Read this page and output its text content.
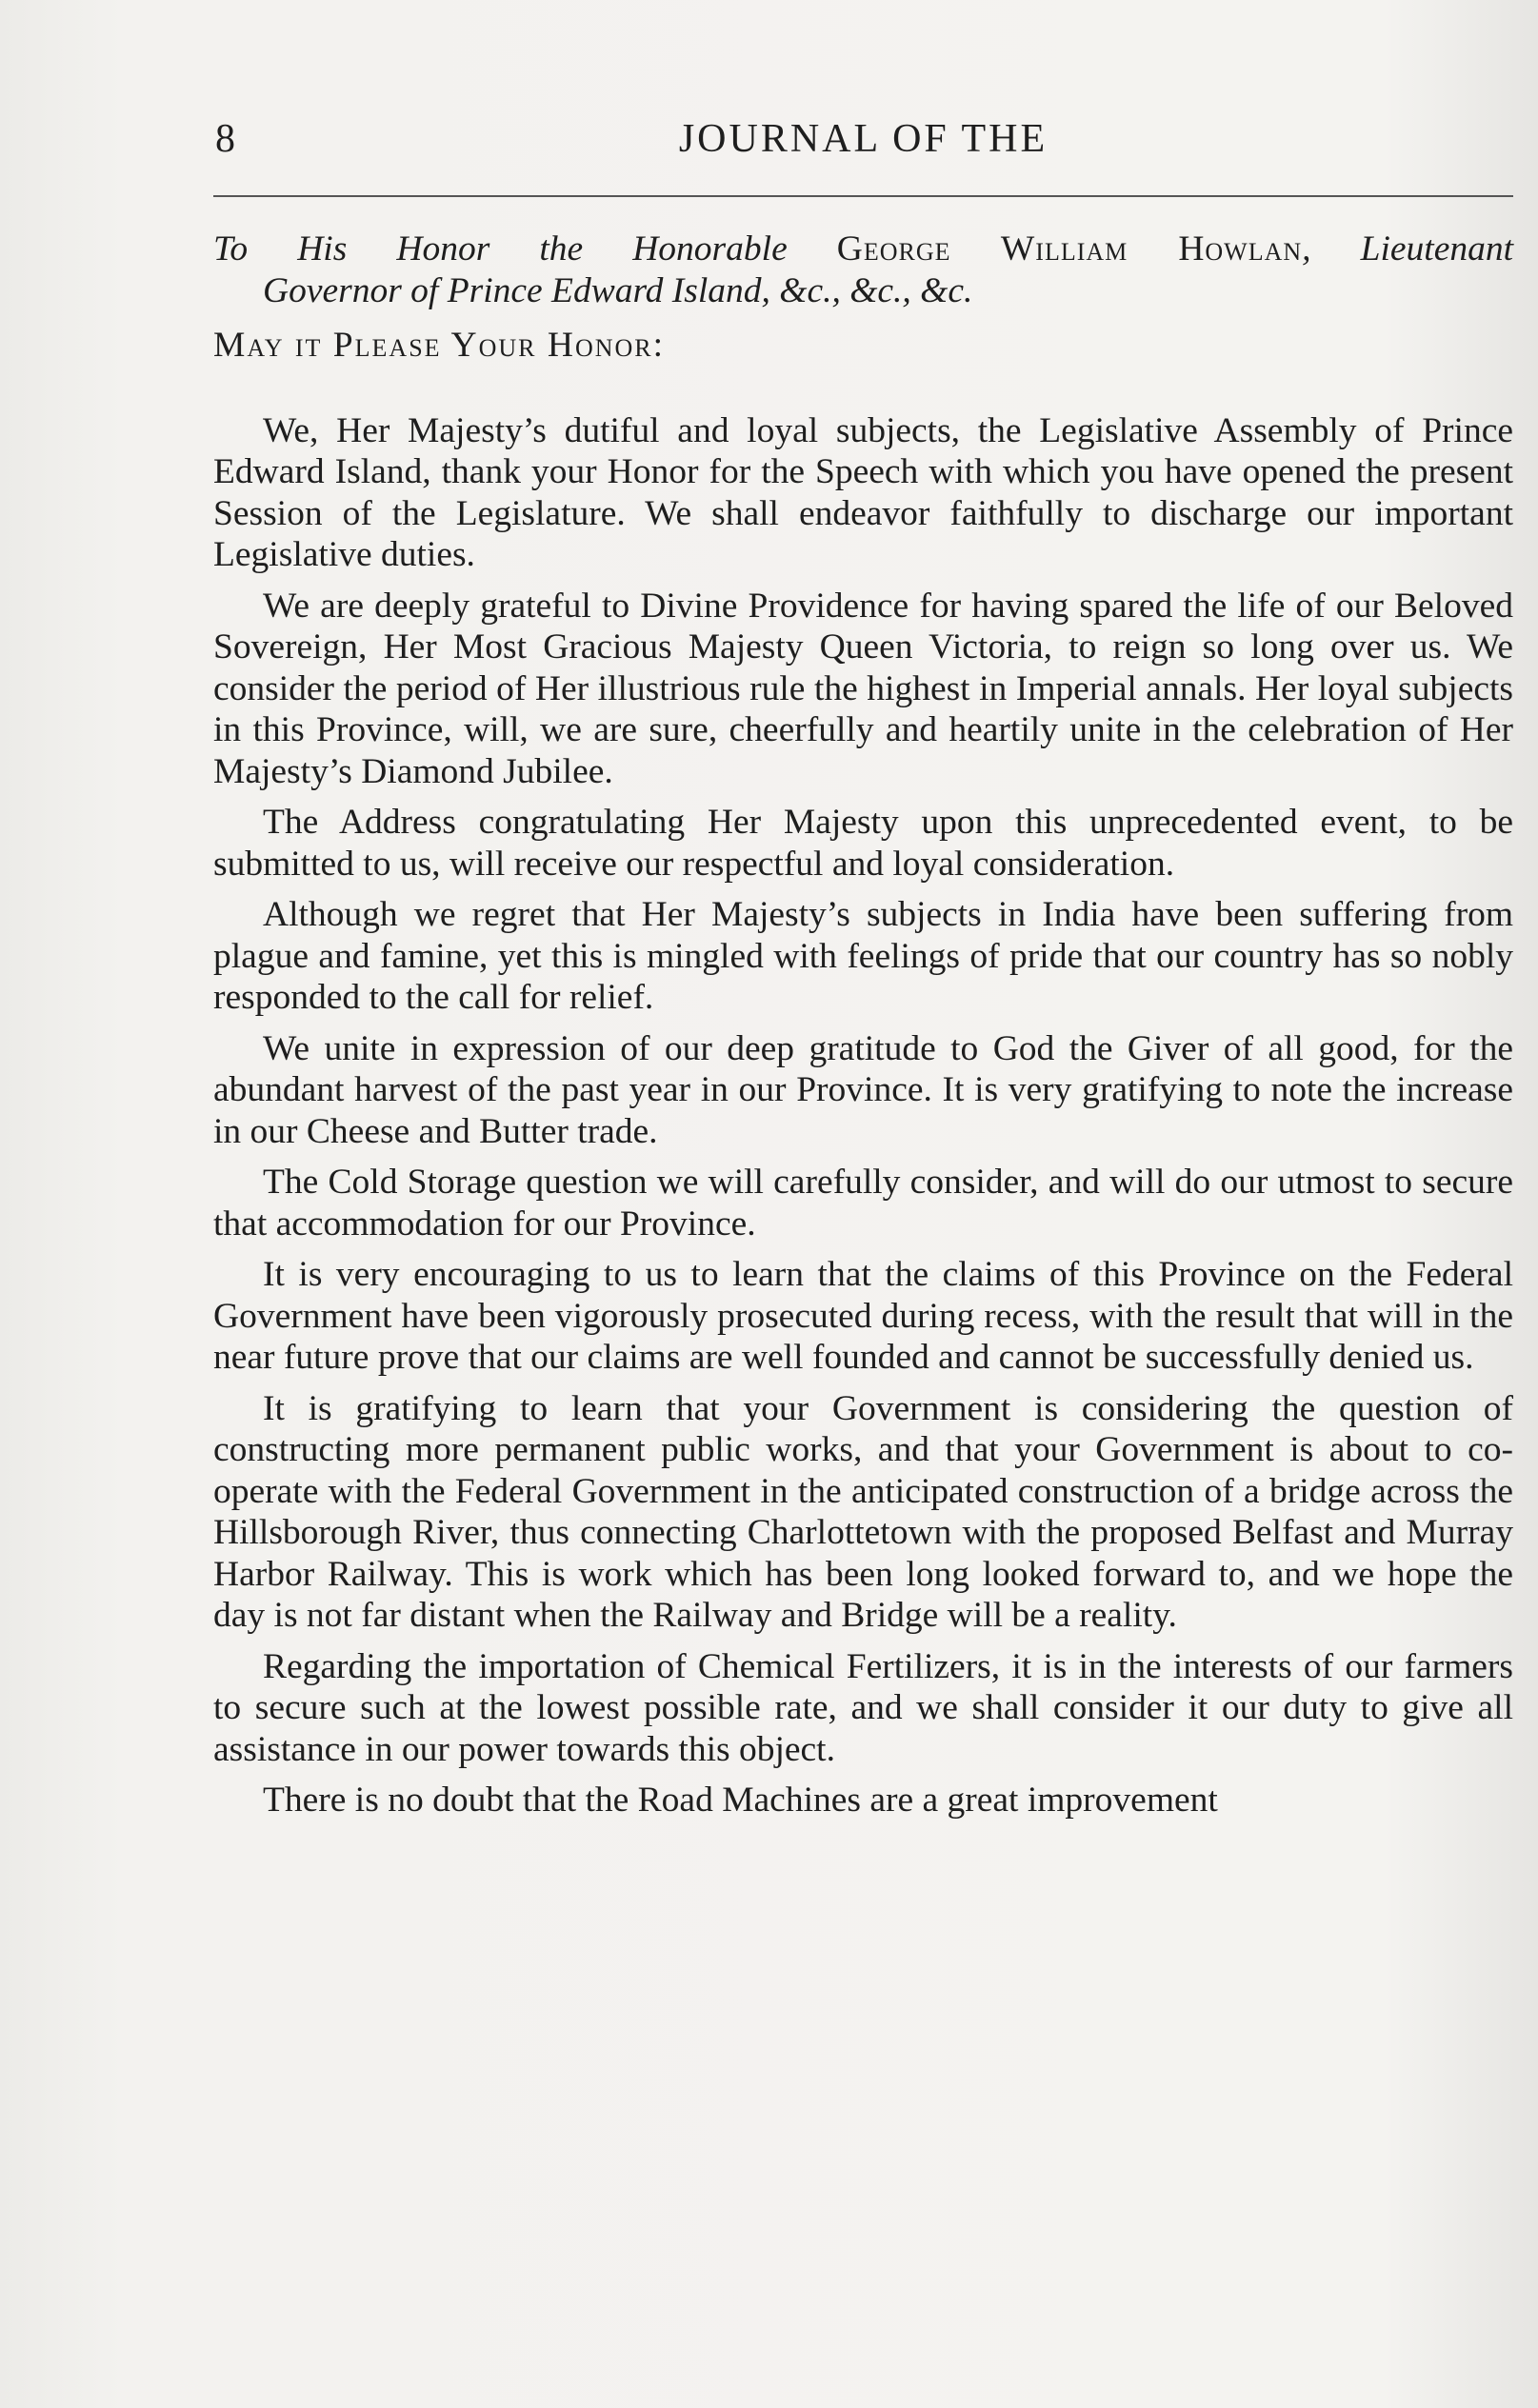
8	JOURNAL OF THE

To His Honor the Honorable George William Howlan, Lieutenant
Governor of Prince Edward Island, &c., &c., &c.

May it Please Your Honor:

We, Her Majesty’s dutiful and loyal subjects, the Legislative Assembly of Prince Edward Island, thank your Honor for the Speech with which you have opened the present Session of the Legislature. We shall endeavor faithfully to discharge our important Legislative duties.

We are deeply grateful to Divine Providence for having spared the life of our Beloved Sovereign, Her Most Gracious Majesty Queen Victoria, to reign so long over us. We consider the period of Her illustrious rule the highest in Imperial annals. Her loyal subjects in this Province, will, we are sure, cheerfully and heartily unite in the celebration of Her Majesty’s Diamond Jubilee.

The Address congratulating Her Majesty upon this unprecedented event, to be submitted to us, will receive our respectful and loyal consideration.

Although we regret that Her Majesty’s subjects in India have been suffering from plague and famine, yet this is mingled with feelings of pride that our country has so nobly responded to the call for relief.

We unite in expression of our deep gratitude to God the Giver of all good, for the abundant harvest of the past year in our Province. It is very gratifying to note the increase in our Cheese and Butter trade.

The Cold Storage question we will carefully consider, and will do our utmost to secure that accommodation for our Province.

It is very encouraging to us to learn that the claims of this Province on the Federal Government have been vigorously prosecuted during recess, with the result that will in the near future prove that our claims are well founded and cannot be successfully denied us.

It is gratifying to learn that your Government is considering the question of constructing more permanent public works, and that your Government is about to co-operate with the Federal Government in the anticipated construction of a bridge across the Hillsborough River, thus connecting Charlottetown with the proposed Belfast and Murray Harbor Railway. This is work which has been long looked forward to, and we hope the day is not far distant when the Railway and Bridge will be a reality.

Regarding the importation of Chemical Fertilizers, it is in the interests of our farmers to secure such at the lowest possible rate, and we shall consider it our duty to give all assistance in our power towards this object.

There is no doubt that the Road Machines are a great improvement
